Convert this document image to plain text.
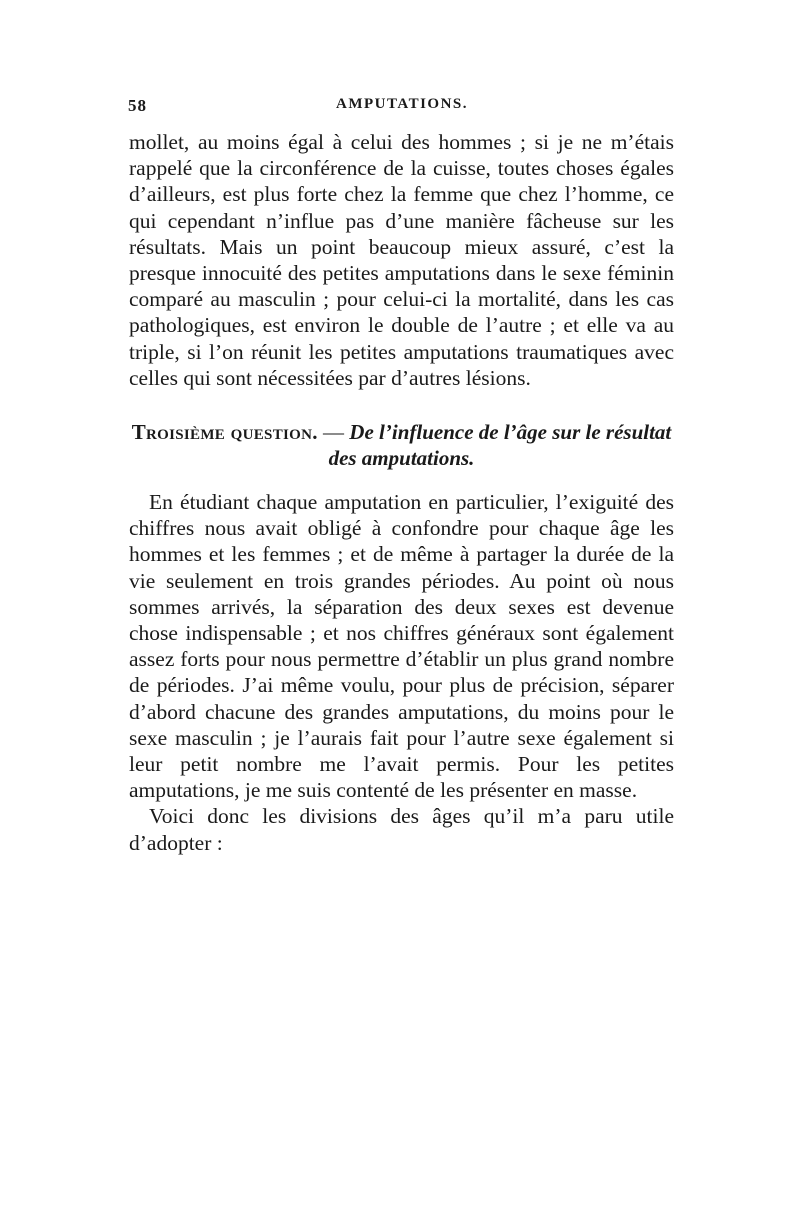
58	AMPUTATIONS.

mollet, au moins égal à celui des hommes ; si je ne m’étais rappelé que la circonférence de la cuisse, toutes choses égales d’ailleurs, est plus forte chez la femme que chez l’homme, ce qui cependant n’influe pas d’une manière fâcheuse sur les résultats. Mais un point beaucoup mieux assuré, c’est la presque innocuité des petites amputations dans le sexe féminin comparé au masculin ; pour celui-ci la mortalité, dans les cas pathologiques, est environ le double de l’autre ; et elle va au triple, si l’on réunit les petites amputations traumatiques avec celles qui sont nécessitées par d’autres lésions.

Troisième question. — De l’influence de l’âge sur le résultat des amputations.

En étudiant chaque amputation en particulier, l’exiguité des chiffres nous avait obligé à confondre pour chaque âge les hommes et les femmes ; et de même à partager la durée de la vie seulement en trois grandes périodes. Au point où nous sommes arrivés, la séparation des deux sexes est devenue chose indispensable ; et nos chiffres généraux sont également assez forts pour nous permettre d’établir un plus grand nombre de périodes. J’ai même voulu, pour plus de précision, séparer d’abord chacune des grandes amputations, du moins pour le sexe masculin ; je l’aurais fait pour l’autre sexe également si leur petit nombre me l’avait permis. Pour les petites amputations, je me suis contenté de les présenter en masse.

Voici donc les divisions des âges qu’il m’a paru utile d’adopter :
